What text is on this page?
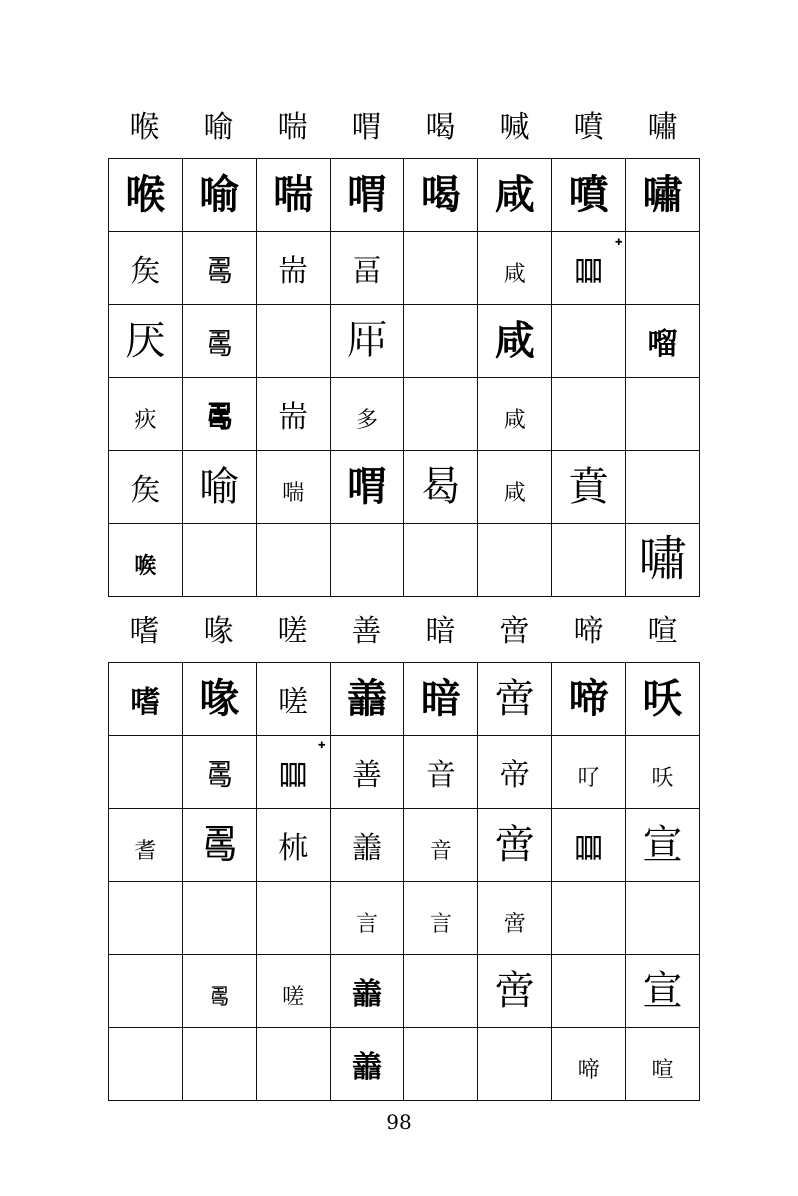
喉	喻	喘	喟	喝	喊	噴	嘯
喉	喻	喘	喟	喝	咸	噴	嘯
矦	𠷎	耑	畐		咸	𠱠	
厌	𠷎		𠩀		咸		𠺕
疢	𠷎	耑	多		咸		
矦	喻	喘	喟	曷	咸	賁	
㗋							嘯
嗜	喙	嗟	善	暗	啻	啼	喧
嗜	喙	嗟	譱	暗	啻	啼	㕭
	𠷎	𠱠	善	音	帝	𠮩	㕭
耆	𠷎	𣏕	譱	音	啻	𠱠	宣
			言	言	啻		
	𠷎	嗟	譱		啻		宣
			譱			啼	喧
✚
✚
98
